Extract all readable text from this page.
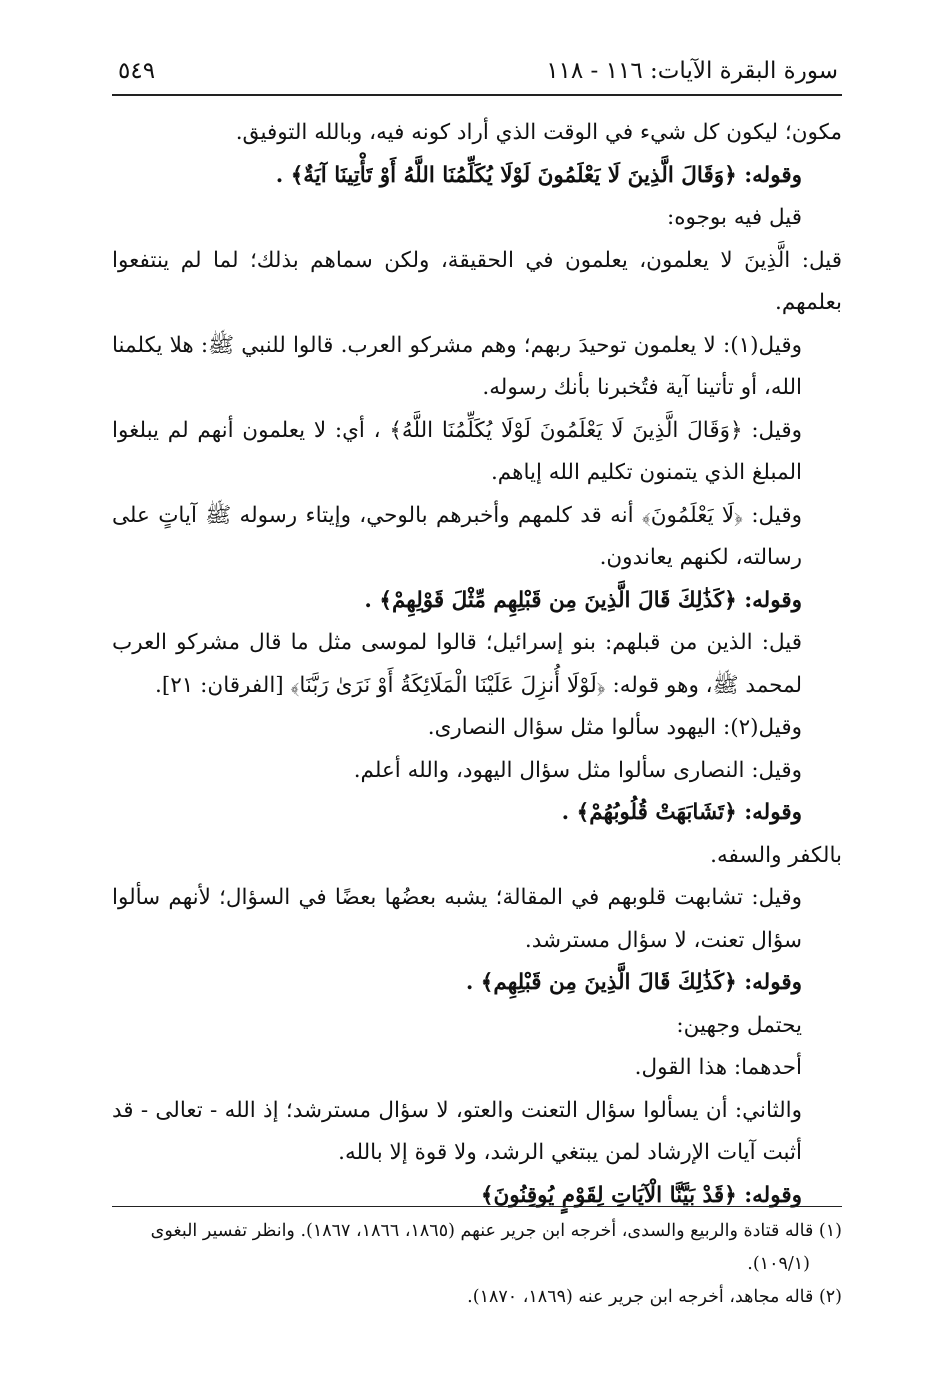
٥٤٩	سورة البقرة الآيات: ١١٦ - ١١٨

مكون؛ ليكون كل شيء في الوقت الذي أراد كونه فيه، وبالله التوفيق.

وقوله: ﴿وَقَالَ الَّذِينَ لَا يَعْلَمُونَ لَوْلَا يُكَلِّمُنَا اللَّهُ أَوْ تَأْتِينَا آيَةٌ﴾ .

قيل فيه بوجوه:

قيل: الَّذِينَ لا يعلمون، يعلمون في الحقيقة، ولكن سماهم بذلك؛ لما لم ينتفعوا بعلمهم.

وقيل(١): لا يعلمون توحيدَ ربهم؛ وهم مشركو العرب. قالوا للنبي ﷺ: هلا يكلمنا الله، أو تأتينا آية فتُخبرنا بأنك رسوله.

وقيل: ﴿وَقَالَ الَّذِينَ لَا يَعْلَمُونَ لَوْلَا يُكَلِّمُنَا اللَّهُ﴾ ، أي: لا يعلمون أنهم لم يبلغوا المبلغ الذي يتمنون تكليم الله إياهم.

وقيل: ﴿لَا يَعْلَمُونَ﴾ أنه قد كلمهم وأخبرهم بالوحي، وإيتاء رسوله ﷺ آياتٍ على رسالته، لكنهم يعاندون.

وقوله: ﴿كَذَٰلِكَ قَالَ الَّذِينَ مِن قَبْلِهِم مِّثْلَ قَوْلِهِمْ﴾ .

قيل: الذين من قبلهم: بنو إسرائيل؛ قالوا لموسى مثل ما قال مشركو العرب لمحمد ﷺ، وهو قوله: ﴿لَوْلَا أُنزِلَ عَلَيْنَا الْمَلَائِكَةُ أَوْ نَرَىٰ رَبَّنَا﴾ [الفرقان: ٢١].

وقيل(٢): اليهود سألوا مثل سؤال النصارى.

وقيل: النصارى سألوا مثل سؤال اليهود، والله أعلم.

وقوله: ﴿تَشَابَهَتْ قُلُوبُهُمْ﴾ .

بالكفر والسفه.

وقيل: تشابهت قلوبهم في المقالة؛ يشبه بعضُها بعضًا في السؤال؛ لأنهم سألوا سؤال تعنت، لا سؤال مسترشد.

وقوله: ﴿كَذَٰلِكَ قَالَ الَّذِينَ مِن قَبْلِهِم﴾ .

يحتمل وجهين:

أحدهما: هذا القول.

والثاني: أن يسألوا سؤال التعنت والعتو، لا سؤال مسترشد؛ إذ الله - تعالى - قد أثبت آيات الإرشاد لمن يبتغي الرشد، ولا قوة إلا بالله.

وقوله: ﴿قَدْ بَيَّنَّا الْآيَاتِ لِقَوْمٍ يُوقِنُونَ﴾

(١) قاله قتادة والربيع والسدى، أخرجه ابن جرير عنهم (١٨٦٥، ١٨٦٦، ١٨٦٧). وانظر تفسير البغوى

(١٠٩/١).

(٢) قاله مجاهد، أخرجه ابن جرير عنه (١٨٦٩، ١٨٧٠).
